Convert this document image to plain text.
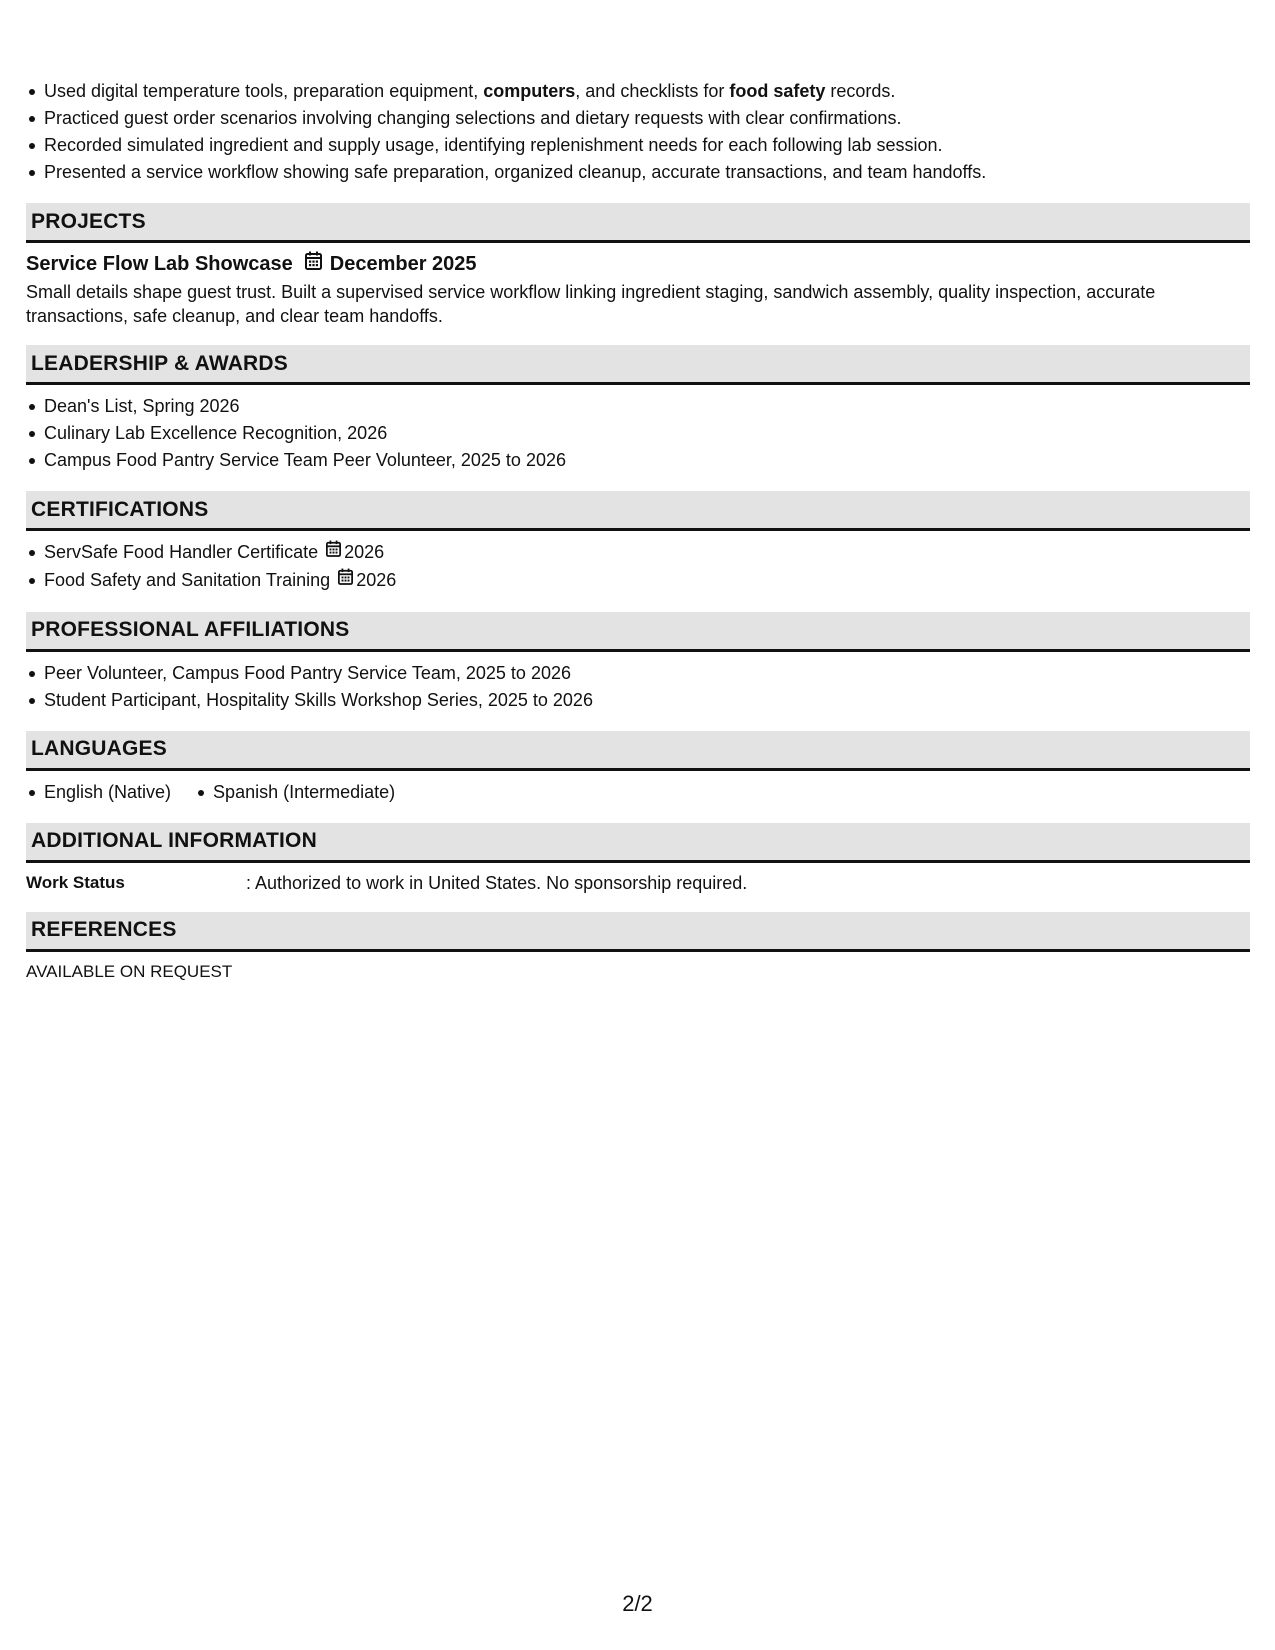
Used digital temperature tools, preparation equipment, computers, and checklists for food safety records.
Practiced guest order scenarios involving changing selections and dietary requests with clear confirmations.
Recorded simulated ingredient and supply usage, identifying replenishment needs for each following lab session.
Presented a service workflow showing safe preparation, organized cleanup, accurate transactions, and team handoffs.
PROJECTS
Service Flow Lab Showcase December 2025
Small details shape guest trust. Built a supervised service workflow linking ingredient staging, sandwich assembly, quality inspection, accurate transactions, safe cleanup, and clear team handoffs.
LEADERSHIP & AWARDS
Dean's List, Spring 2026
Culinary Lab Excellence Recognition, 2026
Campus Food Pantry Service Team Peer Volunteer, 2025 to 2026
CERTIFICATIONS
ServSafe Food Handler Certificate 2026
Food Safety and Sanitation Training 2026
PROFESSIONAL AFFILIATIONS
Peer Volunteer, Campus Food Pantry Service Team, 2025 to 2026
Student Participant, Hospitality Skills Workshop Series, 2025 to 2026
LANGUAGES
English (Native) Spanish (Intermediate)
ADDITIONAL INFORMATION
Work Status	: Authorized to work in United States. No sponsorship required.
REFERENCES
AVAILABLE ON REQUEST
2/2
